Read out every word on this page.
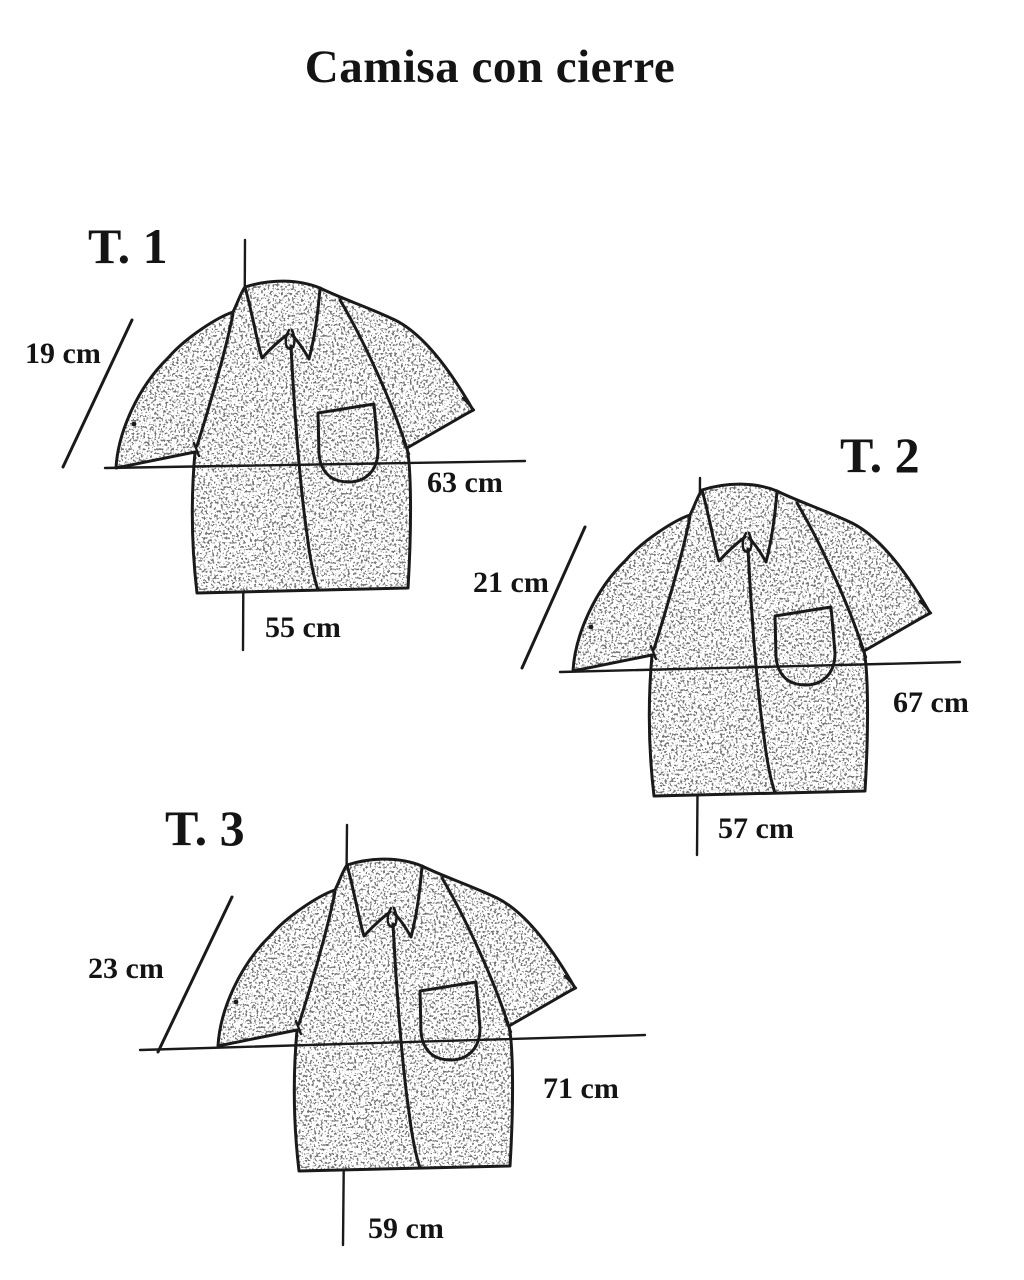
Camisa con cierre
T. 1
19 cm
63 cm
55 cm
T. 2
21 cm
67 cm
57 cm
T. 3
23 cm
71 cm
59 cm
